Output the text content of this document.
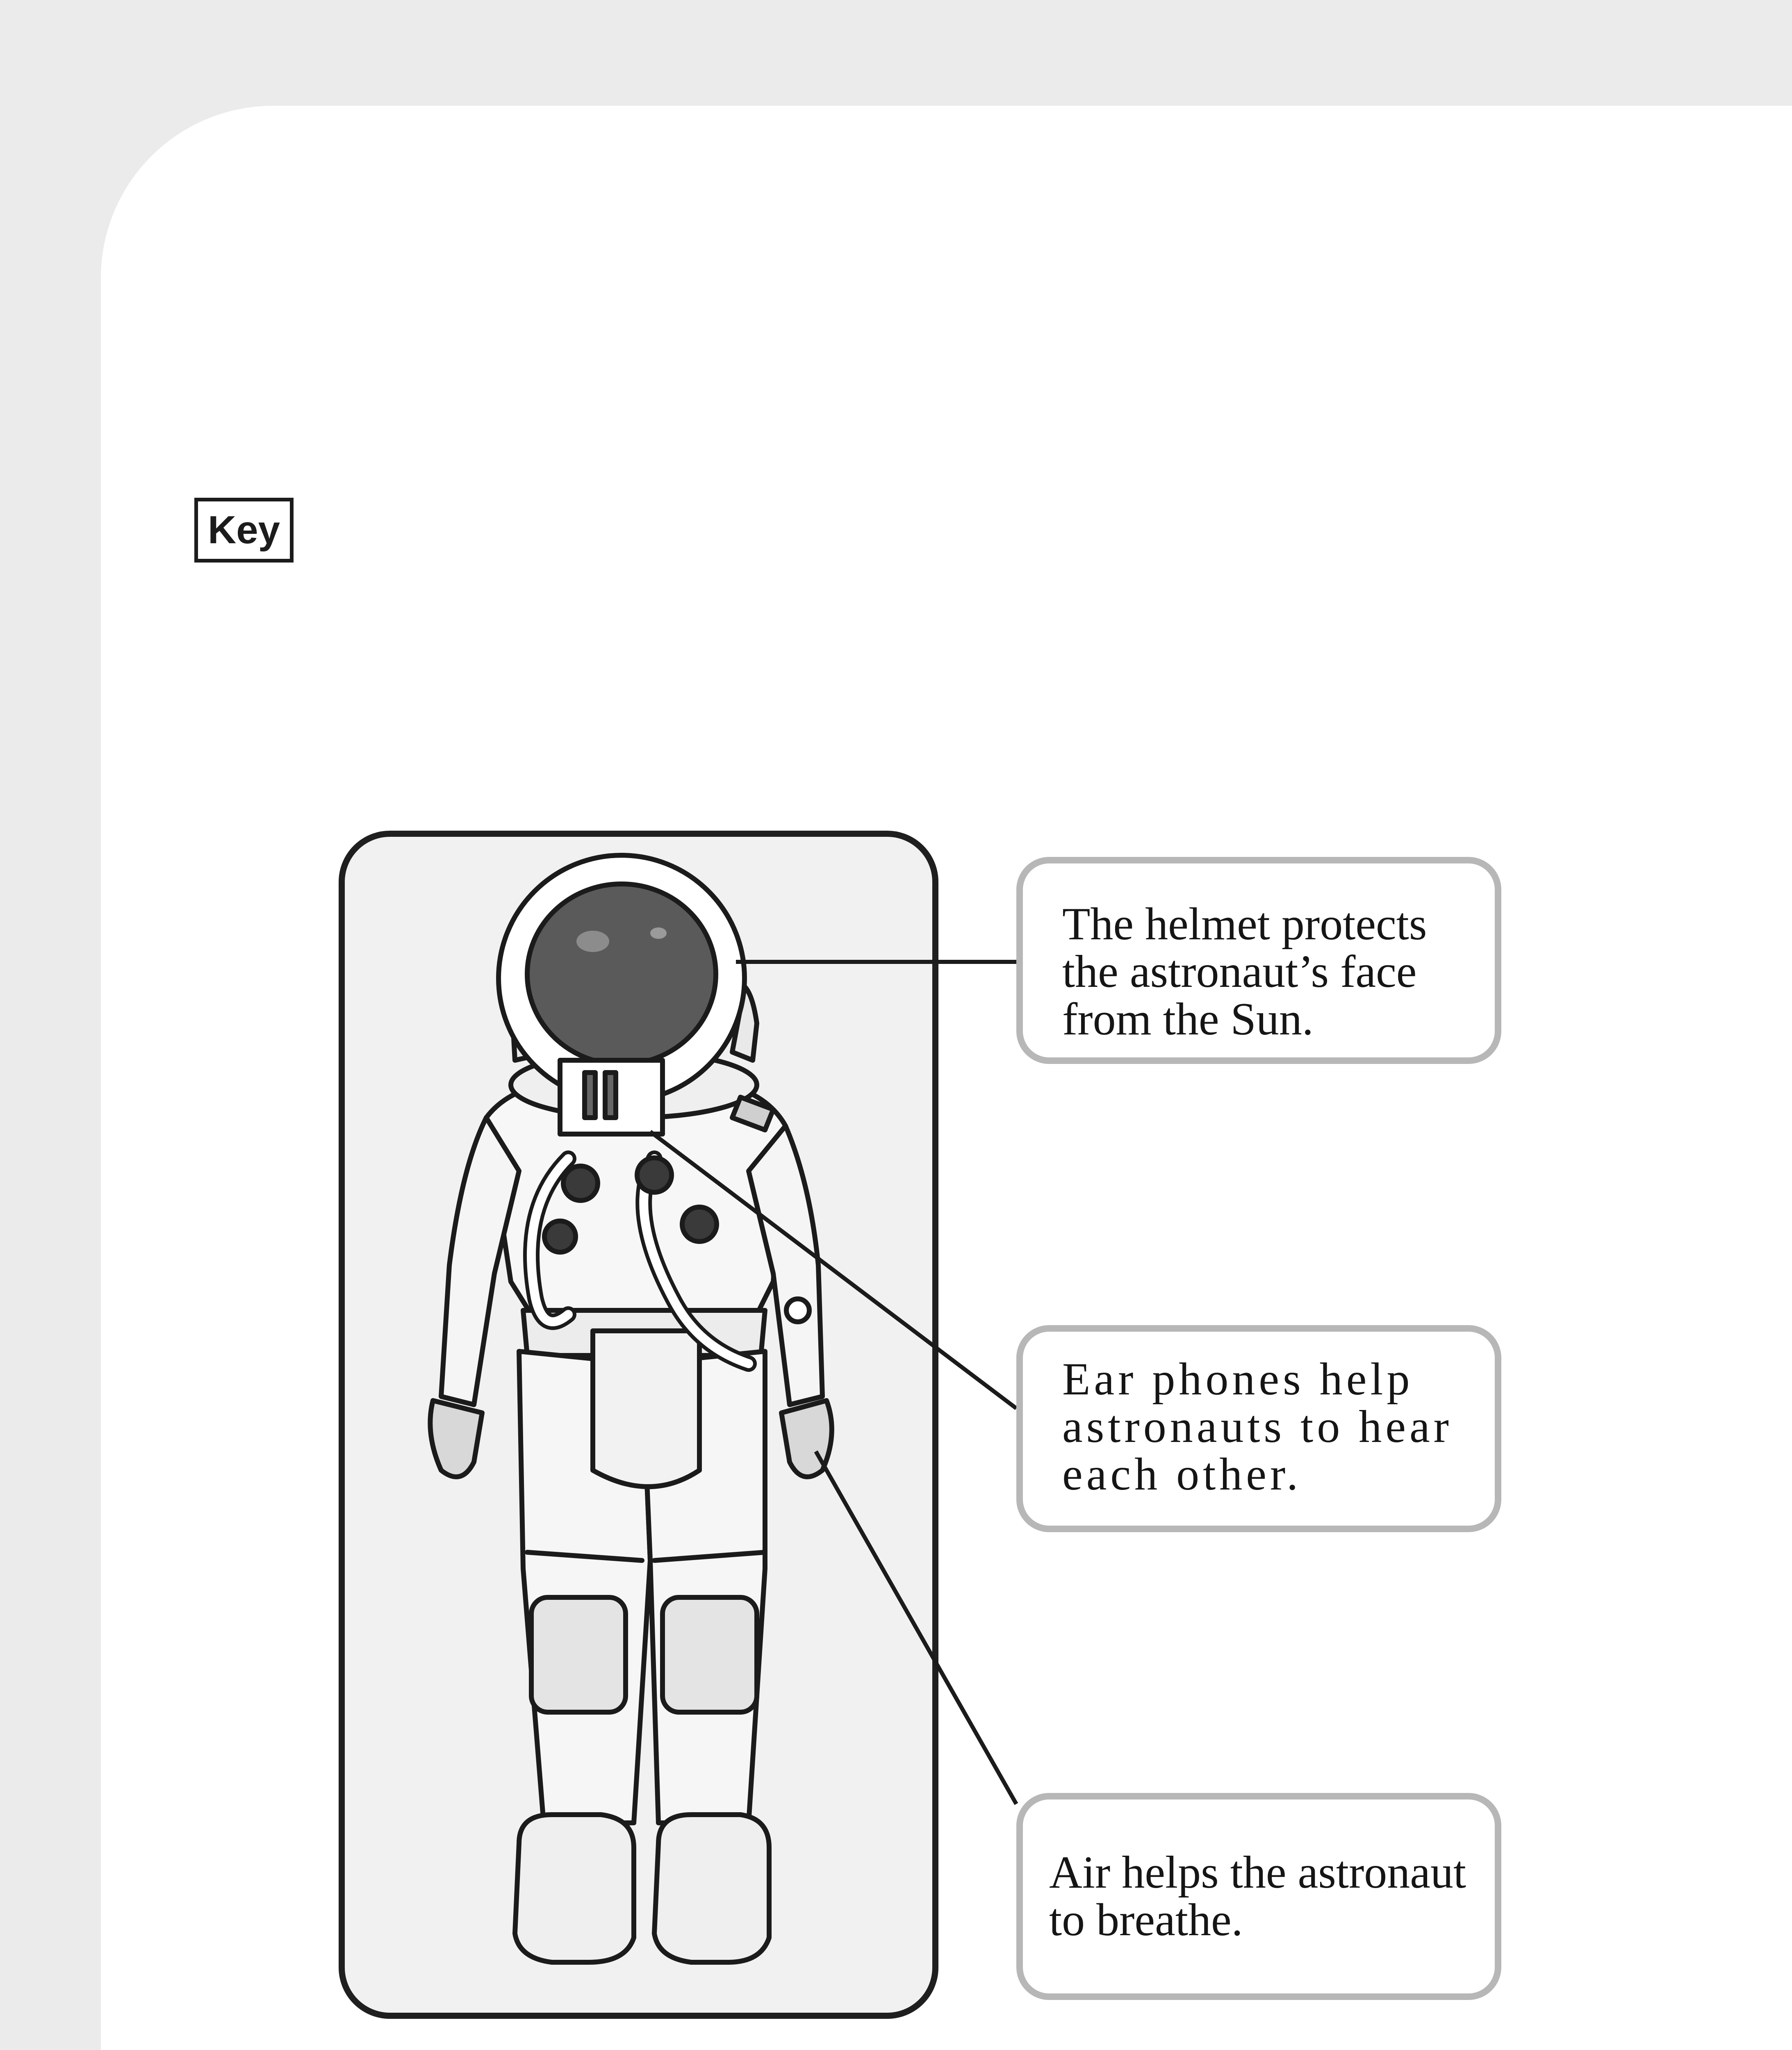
Key
The helmet protects
the astronaut’s face
from the Sun.
Ear phones help
astronauts to hear
each other.
Air helps the astronaut
to breathe.
